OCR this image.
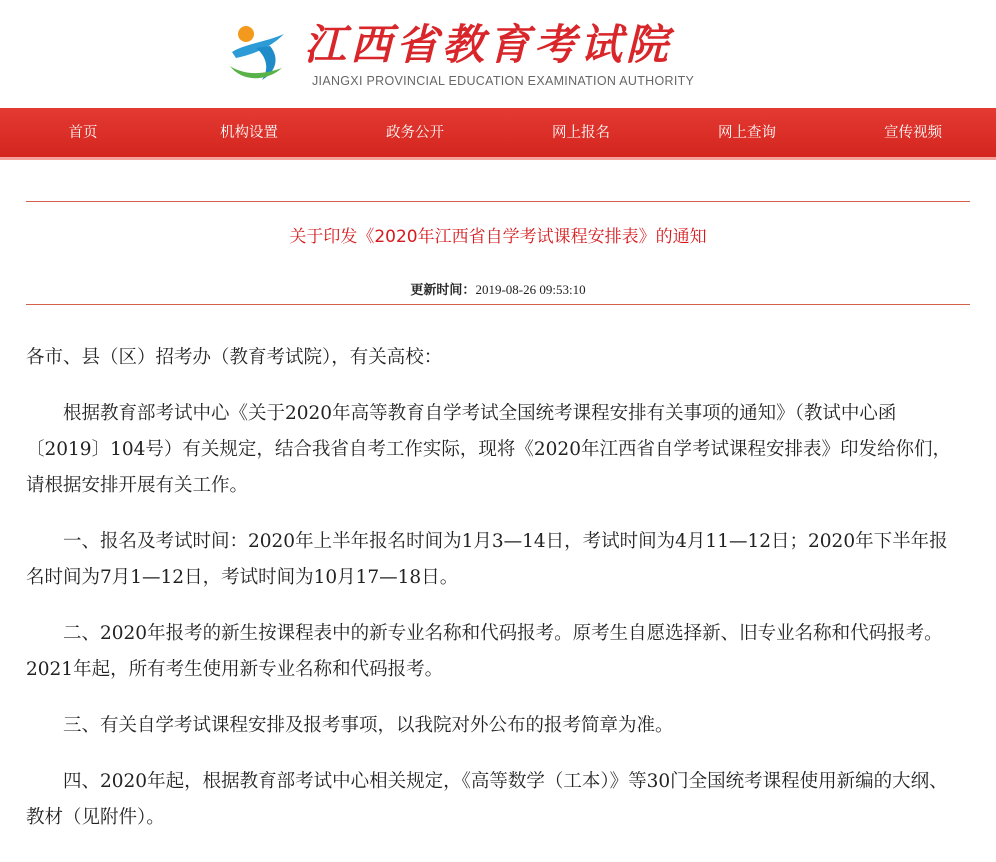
江西省教育考试院
JIANGXI PROVINCIAL EDUCATION EXAMINATION AUTHORITY
首页	机构设置	政务公开	网上报名	网上查询	宣传视频
关于印发《2020年江西省自学考试课程安排表》的通知
更新时间：2019-08-26 09:53:10

各市、县（区）招考办（教育考试院），有关高校：

根据教育部考试中心《关于2020年高等教育自学考试全国统考课程安排有关事项的通知》（教试中心函〔2019〕104号）有关规定，结合我省自考工作实际，现将《2020年江西省自学考试课程安排表》印发给你们，请根据安排开展有关工作。

一、报名及考试时间：2020年上半年报名时间为1月3—14日，考试时间为4月11—12日；2020年下半年报名时间为7月1—12日，考试时间为10月17—18日。

二、2020年报考的新生按课程表中的新专业名称和代码报考。原考生自愿选择新、旧专业名称和代码报考。2021年起，所有考生使用新专业名称和代码报考。

三、有关自学考试课程安排及报考事项，以我院对外公布的报考简章为准。

四、2020年起，根据教育部考试中心相关规定，《高等数学（工本）》等30门全国统考课程使用新编的大纲、教材（见附件）。
